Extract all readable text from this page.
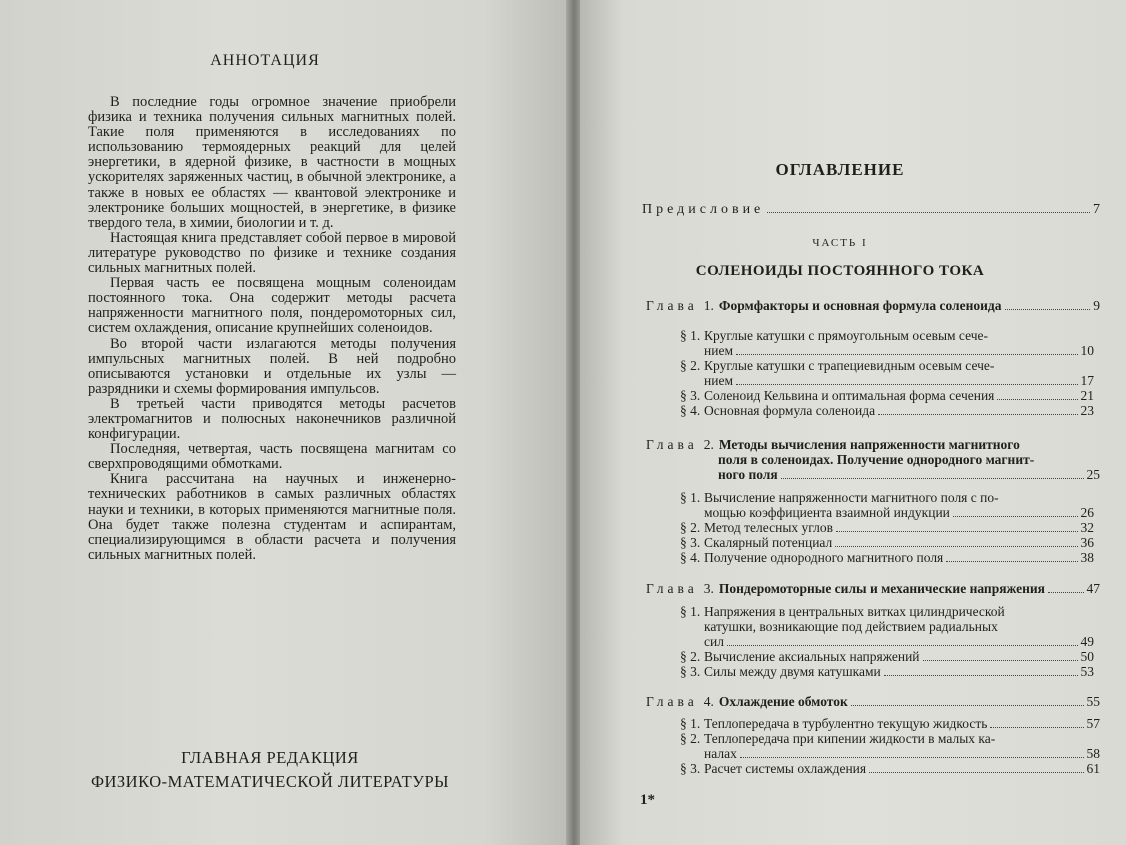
АННОТАЦИЯ

В последние годы огромное значение приобрели физика и техника получения сильных магнитных полей. Такие поля применяются в исследованиях по использованию термоядерных реакций для целей энергетики, в ядерной физике, в частности в мощных ускорителях заряженных частиц, в обычной электронике, а также в новых ее областях — квантовой электронике и электронике больших мощностей, в энергетике, в физике твердого тела, в химии, биологии и т. д.

Настоящая книга представляет собой первое в мировой литературе руководство по физике и технике создания сильных магнитных полей.

Первая часть ее посвящена мощным соленоидам постоянного тока. Она содержит методы расчета напряженности магнитного поля, пондеромоторных сил, систем охлаждения, описание крупнейших соленоидов.

Во второй части излагаются методы получения импульсных магнитных полей. В ней подробно описываются установки и отдельные их узлы — разрядники и схемы формирования импульсов.

В третьей части приводятся методы расчетов электромагнитов и полюсных наконечников различной конфигурации.

Последняя, четвертая, часть посвящена магнитам со сверхпроводящими обмотками.

Книга рассчитана на научных и инженерно-технических работников в самых различных областях науки и техники, в которых применяются магнитные поля. Она будет также полезна студентам и аспирантам, специализирующимся в области расчета и получения сильных магнитных полей.

ГЛАВНАЯ РЕДАКЦИЯ
ФИЗИКО-МАТЕМАТИЧЕСКОЙ ЛИТЕРАТУРЫ
ОГЛАВЛЕНИЕ
Предисловие	7
ЧАСТЬ I
СОЛЕНОИДЫ ПОСТОЯННОГО ТОКА
Глава 1. Формфакторы и основная формула соленоида	9
§ 1. Круглые катушки с прямоугольным осевым сече-
нием	10
§ 2. Круглые катушки с трапециевидным осевым сече-
нием	17
§ 3. Соленоид Кельвина и оптимальная форма сечения	21
§ 4. Основная формула соленоида	23
Глава 2. Методы вычисления напряженности магнитного
поля в соленоидах. Получение однородного магнит-
ного поля	25
§ 1. Вычисление напряженности магнитного поля с по-
мощью коэффициента взаимной индукции	26
§ 2. Метод телесных углов	32
§ 3. Скалярный потенциал	36
§ 4. Получение однородного магнитного поля	38
Глава 3. Пондеромоторные силы и механические напряжения	47
§ 1. Напряжения в центральных витках цилиндрической
катушки, возникающие под действием радиальных
сил	49
§ 2. Вычисление аксиальных напряжений	50
§ 3. Силы между двумя катушками	53
Глава 4. Охлаждение обмоток	55
§ 1. Теплопередача в турбулентно текущую жидкость	57
§ 2. Теплопередача при кипении жидкости в малых ка-
налах	58
§ 3. Расчет системы охлаждения	61
1*
